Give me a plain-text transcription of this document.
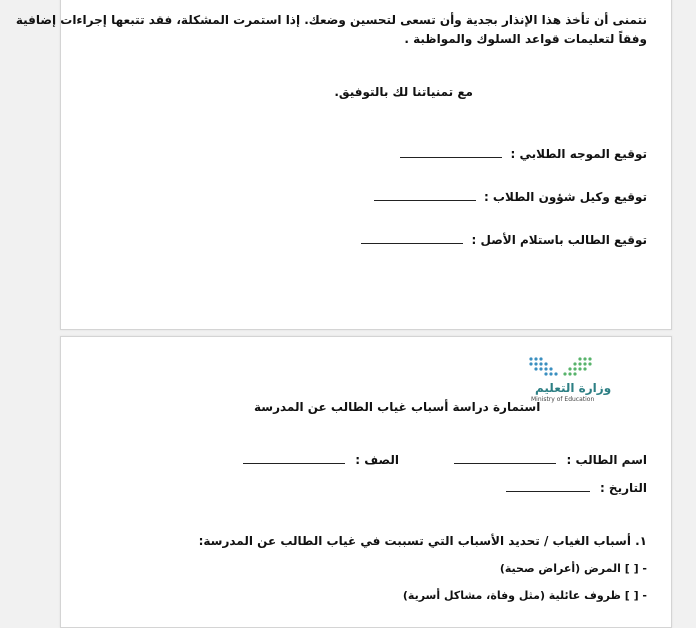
نتمنى أن تأخذ هذا الإنذار بجدية وأن تسعى لتحسين وضعك. إذا استمرت المشكلة، فقد تتبعها إجراءات إضافية
وفقاً لتعليمات قواعد السلوك والمواظبة .
مع تمنياتنا لك بالتوفيق.
توقيع الموجه الطلابي :
توقيع وكيل شؤون الطلاب :
توقيع الطالب باستلام الأصل :
وزارة التعليم
Ministry of Education
استمارة دراسة أسباب غياب الطالب عن المدرسة
اسم الطالب :
الصف :
التاريخ :
١. أسباب الغياب / تحديد الأسباب التي تسببت في غياب الطالب عن المدرسة:
- [ ] المرض (أعراض صحية)
- [ ] ظروف عائلية (مثل وفاة، مشاكل أسرية)
